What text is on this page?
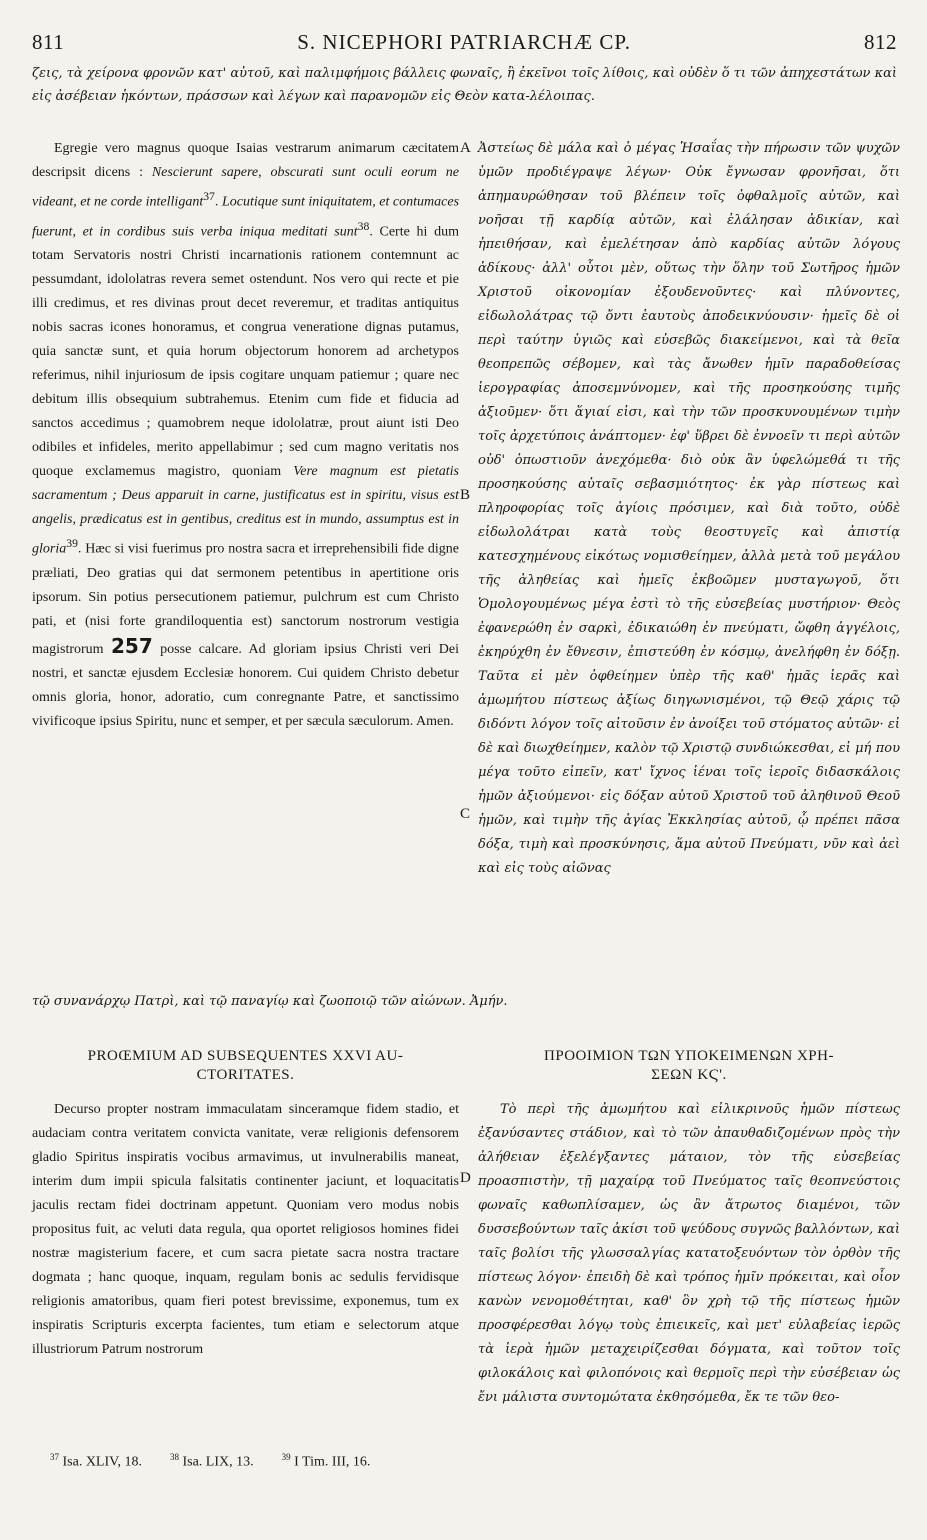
811	S. NICEPHORI PATRIARCHÆ CP.	812
ζεις, τὰ χείρονα φρονῶν κατ' αὐτοῦ, καὶ παλιμφήμοις βάλλεις φωναῖς, ἢ ἐκεῖνοι τοῖς λίθοις, καὶ οὐδὲν ὅ τι τῶν ἀπηχεστάτων καὶ εἰς ἀσέβειαν ἡκόντων, πράσσων καὶ λέγων καὶ παρανομῶν εἰς Θεὸν κατα-λέλοιπας.

Egregie vero magnus quoque Isaias vestrarum animarum cæcitatem descripsit dicens : Nescierunt sapere, obscurati sunt oculi eorum ne videant, et ne corde intelligant$^{37}$. Locutique sunt iniquitatem, et contumaces fuerunt, et in cordibus suis verba iniqua meditati sunt$^{38}$. Certe hi dum totam Servatoris nostri Christi incarnationis rationem contemnunt ac pessumdant, idololatras revera semet ostendunt. Nos vero qui recte et pie illi credimus, et res divinas prout decet reveremur, et traditas antiquitus nobis sacras icones honoramus, et congrua veneratione dignas putamus, quia sanctæ sunt, et quia horum objectorum honorem ad archetypos referimus, nihil injuriosum de ipsis cogitare unquam patiemur ; quare nec debitum illis obsequium subtrahemus. Etenim cum fide et fiducia ad sanctos accedimus ; quamobrem neque idololatræ, prout aiunt isti Deo odibiles et infideles, merito appellabimur ; sed cum magno veritatis nos quoque exclamemus magistro, quoniam Vere magnum est pietatis sacramentum ; Deus apparuit in carne, justificatus est in spiritu, visus est angelis, prædicatus est in gentibus, creditus est in mundo, assumptus est in gloria$^{39}$. Hæc si visi fuerimus pro nostra sacra et irreprehensibili fide digne præliati, Deo gratias qui dat sermonem petentibus in apertitione oris ipsorum. Sin potius persecutionem patiemur, pulchrum est cum Christo pati, et (nisi forte grandiloquentia est) sanctorum nostrorum vestigia magistrorum 257 posse calcare. Ad gloriam ipsius Christi veri Dei nostri, et sanctæ ejusdem Ecclesiæ honorem. Cui quidem Christo debetur omnis gloria, honor, adoratio, cum conregnante Patre, et sanctissimo vivificoque ipsius Spiritu, nunc et semper, et per sæcula sæculorum. Amen.

Ἀστείως δὲ μάλα καὶ ὁ μέγας Ἡσαΐας τὴν πήρωσιν τῶν ψυχῶν ὑμῶν προδιέγραψε λέγων· Οὐκ ἔγνωσαν φρονῆσαι, ὅτι ἀπημαυρώθησαν τοῦ βλέπειν τοῖς ὀφθαλμοῖς αὐτῶν, καὶ νοῆσαι τῇ καρδίᾳ αὐτῶν, καὶ ἐλάλησαν ἀδικίαν, καὶ ἠπειθήσαν, καὶ ἐμελέτησαν ἀπὸ καρδίας αὐτῶν λόγους ἀδίκους· ἀλλ' οὗτοι μὲν, οὕτως τὴν ὅλην τοῦ Σωτῆρος ἡμῶν Χριστοῦ οἰκονομίαν ἐξουδενοῦντες· καὶ πλύνοντες, εἰδωλολάτρας τῷ ὄντι ἑαυτοὺς ἀποδεικνύουσιν· ἡμεῖς δὲ οἱ περὶ ταύτην ὑγιῶς καὶ εὐσεβῶς διακείμενοι, καὶ τὰ θεῖα θεοπρεπῶς σέβομεν, καὶ τὰς ἄνωθεν ἡμῖν παραδοθείσας ἱερογραφίας ἀποσεμνύνομεν, καὶ τῆς προσηκούσης τιμῆς ἀξιοῦμεν· ὅτι ἅγιαί εἰσι, καὶ τὴν τῶν προσκυνουμένων τιμὴν τοῖς ἀρχετύποις ἀνάπτομεν· ἐφ' ὕβρει δὲ ἐννοεῖν τι περὶ αὐτῶν οὐδ' ὁπωστιοῦν ἀνεχόμεθα· διὸ οὐκ ἂν ὑφελώμεθά τι τῆς προσηκούσης αὐταῖς σεβασμιότητος· ἐκ γὰρ πίστεως καὶ πληροφορίας τοῖς ἁγίοις πρόσιμεν, καὶ διὰ τοῦτο, οὐδὲ εἰδωλολάτραι κατὰ τοὺς θεοστυγεῖς καὶ ἀπιστίᾳ κατεσχημένους εἰκότως νομισθείημεν, ἀλλὰ μετὰ τοῦ μεγάλου τῆς ἀληθείας καὶ ἡμεῖς ἐκβοῶμεν μυσταγωγοῦ, ὅτι Ὁμολογουμένως μέγα ἐστὶ τὸ τῆς εὐσεβείας μυστήριον· Θεὸς ἐφανερώθη ἐν σαρκὶ, ἐδικαιώθη ἐν πνεύματι, ὤφθη ἀγγέλοις, ἐκηρύχθη ἐν ἔθνεσιν, ἐπιστεύθη ἐν κόσμῳ, ἀνελήφθη ἐν δόξῃ. Ταῦτα εἰ μὲν ὀφθείημεν ὑπὲρ τῆς καθ' ἡμᾶς ἱερᾶς καὶ ἀμωμήτου πίστεως ἀξίως διηγωνισμένοι, τῷ Θεῷ χάρις τῷ διδόντι λόγον τοῖς αἰτοῦσιν ἐν ἀνοίξει τοῦ στόματος αὐτῶν· εἰ δὲ καὶ διωχθείημεν, καλὸν τῷ Χριστῷ συνδιώκεσθαι, εἰ μή που μέγα τοῦτο εἰπεῖν, κατ' ἴχνος ἰέναι τοῖς ἱεροῖς διδασκάλοις ἡμῶν ἀξιούμενοι· εἰς δόξαν αὐτοῦ Χριστοῦ τοῦ ἀληθινοῦ Θεοῦ ἡμῶν, καὶ τιμὴν τῆς ἁγίας Ἐκκλησίας αὐτοῦ, ᾧ πρέπει πᾶσα δόξα, τιμὴ καὶ προσκύνησις, ἅμα αὐτοῦ Πνεύματι, νῦν καὶ ἀεὶ καὶ εἰς τοὺς αἰῶνας

A
B
C
D
τῷ συνανάρχῳ Πατρὶ, καὶ τῷ παναγίῳ καὶ ζωοποιῷ τῶν αἰώνων. Ἀμήν.
PROŒMIUM AD SUBSEQUENTES XXVI AU-
CTORITATES.
ΠΡΟΟΙΜΙΟΝ ΤΩΝ ΥΠΟΚΕΙΜΕΝΩΝ ΧΡΗ-
ΣΕΩΝ ΚϚ'.

Decurso propter nostram immaculatam sinceramque fidem stadio, et audaciam contra veritatem convicta vanitate, veræ religionis defensorem gladio Spiritus inspiratis vocibus armavimus, ut invulnerabilis maneat, interim dum impii spicula falsitatis continenter jaciunt, et loquacitatis jaculis rectam fidei doctrinam appetunt. Quoniam vero modus nobis propositus fuit, ac veluti data regula, qua oportet religiosos homines fidei nostræ magisterium facere, et cum sacra pietate sacra nostra tractare dogmata ; hanc quoque, inquam, regulam bonis ac sedulis fervidisque religionis amatoribus, quam fieri potest brevissime, exponemus, tum ex inspiratis Scripturis excerpta facientes, tum etiam e selectorum atque illustriorum Patrum nostrorum

Τὸ περὶ τῆς ἀμωμήτου καὶ εἰλικρινοῦς ἡμῶν πίστεως ἐξανύσαντες στάδιον, καὶ τὸ τῶν ἀπαυθαδιζομένων πρὸς τὴν ἀλήθειαν ἐξελέγξαντες μάταιον, τὸν τῆς εὐσεβείας προασπιστὴν, τῇ μαχαίρᾳ τοῦ Πνεύματος ταῖς θεοπνεύστοις φωναῖς καθωπλίσαμεν, ὡς ἂν ἄτρωτος διαμένοι, τῶν δυσσεβούντων ταῖς ἀκίσι τοῦ ψεύδους συγνῶς βαλλόντων, καὶ ταῖς βολίσι τῆς γλωσσαλγίας κατατοξευόντων τὸν ὀρθὸν τῆς πίστεως λόγον· ἐπειδὴ δὲ καὶ τρόπος ἡμῖν πρόκειται, καὶ οἷον κανὼν νενομοθέτηται, καθ' ὃν χρὴ τῷ τῆς πίστεως ἡμῶν προσφέρεσθαι λόγῳ τοὺς ἐπιεικεῖς, καὶ μετ' εὐλαβείας ἱερῶς τὰ ἱερὰ ἡμῶν μεταχειρίζεσθαι δόγματα, καὶ τοῦτον τοῖς φιλοκάλοις καὶ φιλοπόνοις καὶ θερμοῖς περὶ τὴν εὐσέβειαν ὡς ἔνι μάλιστα συντομώτατα ἐκθησόμεθα, ἔκ τε τῶν θεο-

$^{37}$ Isa. XLIV, 18.	$^{38}$ Isa. LIX, 13.	$^{39}$ I Tim. III, 16.
